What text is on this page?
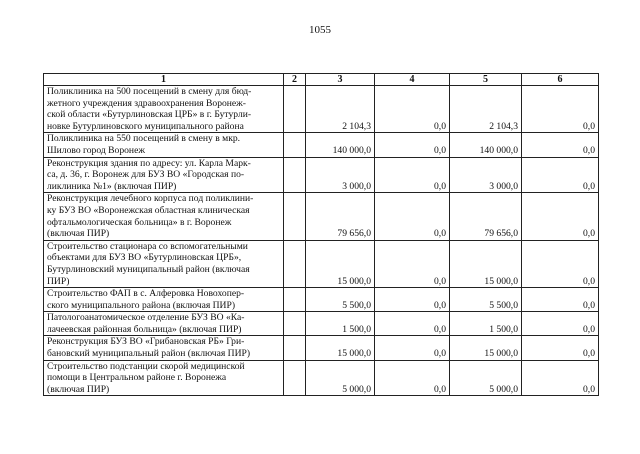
1055
1	2	3	4	5	6

Поликлиника на 500 посещений в смену для бюд-
жетного учреждения здравоохранения Воронеж-
ской области «Бутурлиновская ЦРБ» в г. Бутурли-
новке Бутурлиновского муниципального района		2 104,3	0,0	2 104,3	0,0

Поликлиника на 550 посещений в смену в мкр.
Шилово город Воронеж		140 000,0	0,0	140 000,0	0,0

Реконструкция здания по адресу: ул. Карла Марк-
са, д. 36, г. Воронеж для БУЗ ВО «Городская по-
ликлиника №1» (включая ПИР)		3 000,0	0,0	3 000,0	0,0

Реконструкция лечебного корпуса под поликлини-
ку БУЗ ВО «Воронежская областная клиническая
офтальмологическая больница» в г. Воронеж
(включая ПИР)		79 656,0	0,0	79 656,0	0,0

Строительство стационара со вспомогательными
объектами для БУЗ ВО «Бутурлиновская ЦРБ»,
Бутурлиновский муниципальный район (включая
ПИР)		15 000,0	0,0	15 000,0	0,0

Строительство ФАП в с. Алферовка Новохопер-
ского муниципального района (включая ПИР)		5 500,0	0,0	5 500,0	0,0

Патологоанатомическое отделение БУЗ ВО «Ка-
лачеевская районная больница» (включая ПИР)		1 500,0	0,0	1 500,0	0,0

Реконструкция БУЗ ВО «Грибановская РБ» Гри-
бановский муниципальный район (включая ПИР)		15 000,0	0,0	15 000,0	0,0

Строительство подстанции скорой медицинской
помощи в Центральном районе г. Воронежа
(включая ПИР)		5 000,0	0,0	5 000,0	0,0
